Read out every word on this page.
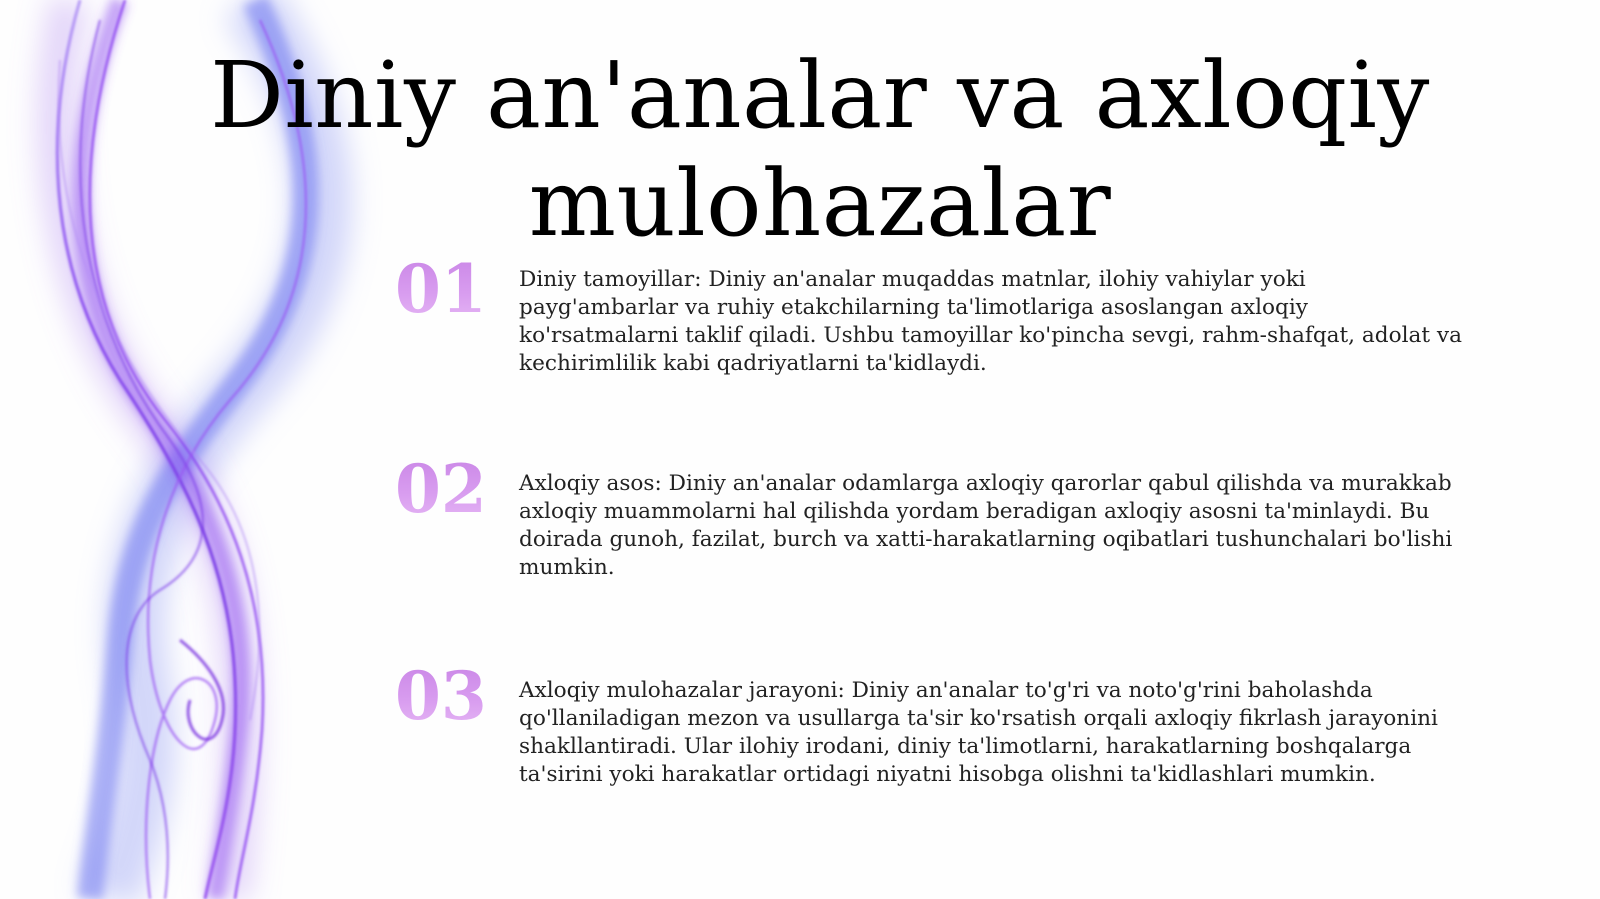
Diniy an'analar va axloqiy mulohazalar
01	Diniy tamoyillar: Diniy an'analar muqaddas matnlar, ilohiy vahiylar yoki payg'ambarlar va ruhiy etakchilarning ta'limotlariga asoslangan axloqiy ko'rsatmalarni taklif qiladi. Ushbu tamoyillar ko'pincha sevgi, rahm-shafqat, adolat va kechirimlilik kabi qadriyatlarni ta'kidlaydi.

02	Axloqiy asos: Diniy an'analar odamlarga axloqiy qarorlar qabul qilishda va murakkab axloqiy muammolarni hal qilishda yordam beradigan axloqiy asosni ta'minlaydi. Bu doirada gunoh, fazilat, burch va xatti-harakatlarning oqibatlari tushunchalari bo'lishi mumkin.

03	Axloqiy mulohazalar jarayoni: Diniy an'analar to'g'ri va noto'g'rini baholashda qo'llaniladigan mezon va usullarga ta'sir ko'rsatish orqali axloqiy fikrlash jarayonini shakllantiradi. Ular ilohiy irodani, diniy ta'limotlarni, harakatlarning boshqalarga ta'sirini yoki harakatlar ortidagi niyatni hisobga olishni ta'kidlashlari mumkin.
